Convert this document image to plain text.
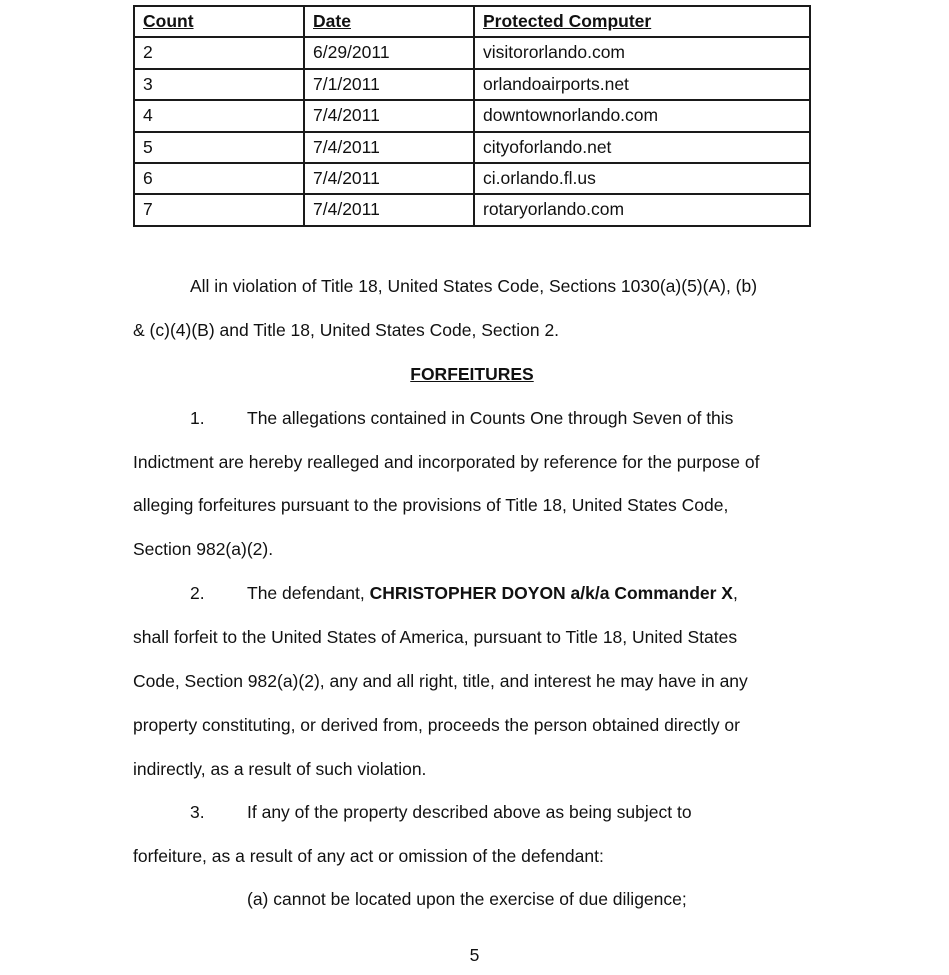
Count	Date	Protected Computer
2	6/29/2011	visitororlando.com
3	7/1/2011	orlandoairports.net
4	7/4/2011	downtownorlando.com
5	7/4/2011	cityoforlando.net
6	7/4/2011	ci.orlando.fl.us
7	7/4/2011	rotaryorlando.com
All in violation of Title 18, United States Code, Sections 1030(a)(5)(A), (b)
& (c)(4)(B) and Title 18, United States Code, Section 2.
FORFEITURES
1. The allegations contained in Counts One through Seven of this
Indictment are hereby realleged and incorporated by reference for the purpose of
alleging forfeitures pursuant to the provisions of Title 18, United States Code,
Section 982(a)(2).
2. The defendant, CHRISTOPHER DOYON a/k/a Commander X,
shall forfeit to the United States of America, pursuant to Title 18, United States
Code, Section 982(a)(2), any and all right, title, and interest he may have in any
property constituting, or derived from, proceeds the person obtained directly or
indirectly, as a result of such violation.
3. If any of the property described above as being subject to
forfeiture, as a result of any act or omission of the defendant:
(a) cannot be located upon the exercise of due diligence;
5
